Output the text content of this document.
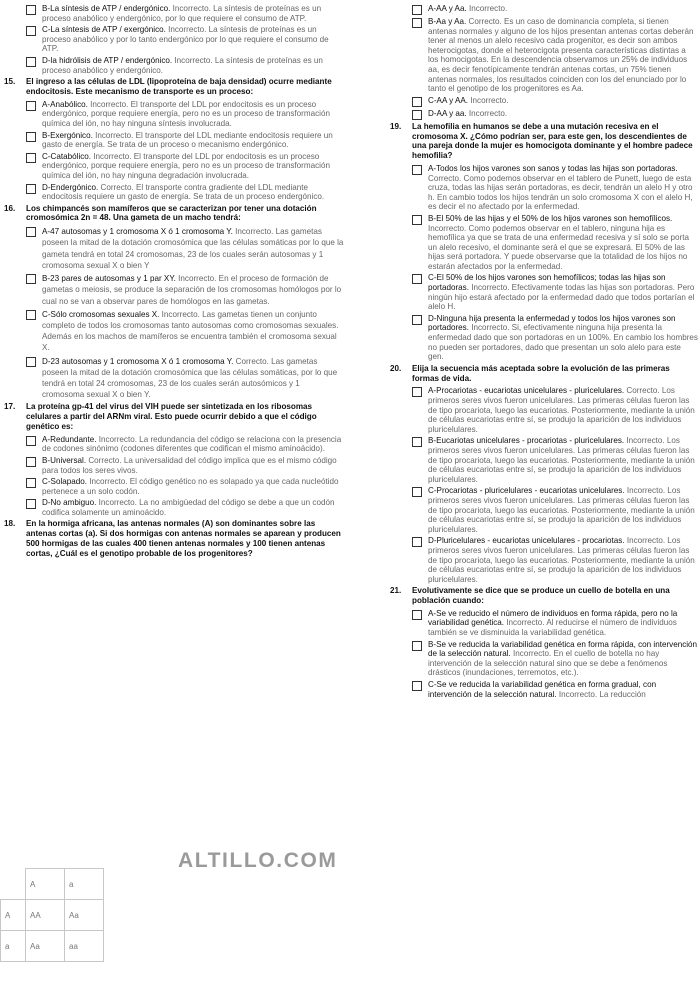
B-La síntesis de ATP / endergónico. Incorrecto. La síntesis de proteínas es un proceso anabólico y endergónico, por lo que requiere el consumo de ATP.
C-La síntesis de ATP / exergónico. Incorrecto. La síntesis de proteínas es un proceso anabólico y por lo tanto endergónico por lo que requiere el consumo de ATP.
D-la hidrólisis de ATP / endergónico. Incorrecto. La síntesis de proteínas es un proceso anabólico y endergónico.
15.	El ingreso a las células de LDL (lipoproteína de baja densidad) ocurre mediante endocitosis. Este mecanismo de transporte es un proceso:
A-Anabólico. Incorrecto. El transporte del LDL por endocitosis es un proceso endergónico, porque requiere energía, pero no es un proceso de transformación química del ión, no hay ninguna síntesis involucrada.
B-Exergónico. Incorrecto. El transporte del LDL mediante endocitosis requiere un gasto de energía. Se trata de un proceso o mecanismo endergónico.
C-Catabólico. Incorrecto. El transporte del LDL por endocitosis es un proceso endergónico, porque requiere energía, pero no es un proceso de transformación química del ión, no hay ninguna degradación involucrada.
D-Endergónico. Correcto. El transporte contra gradiente del LDL mediante endocitosis requiere un gasto de energía. Se trata de un proceso endergónico.
16.	Los chimpancés son mamíferos que se caracterizan por tener una dotación cromosómica 2n = 48. Una gameta de un macho tendrá:
A-47 autosomas y 1 cromosoma X ó 1 cromosoma Y. Incorrecto. Las gametas poseen la mitad de la dotación cromosómica que las células somáticas por lo que la gameta tendrá en total 24 cromosomas, 23 de los cuales serán autosomas y 1 cromosoma sexual X o bien Y
B-23 pares de autosomas y 1 par XY. Incorrecto. En el proceso de formación de gametas o meiosis, se produce la separación de los cromosomas homólogos por lo cual no se van a observar pares de homólogos en las gametas.
C-Sólo cromosomas sexuales X. Incorrecto. Las gametas tienen un conjunto completo de todos los cromosomas tanto autosomas como cromosomas sexuales. Además en los machos de mamíferos se encuentra también el cromosoma sexual X.
D-23 autosomas y 1 cromosoma X ó 1 cromosoma Y. Correcto. Las gametas poseen la mitad de la dotación cromosómica que las células somáticas, por lo que tendrá en total 24 cromosomas, 23 de los cuales serán autosómicos y 1 cromosoma sexual X o bien Y.
17.	La proteína gp-41 del virus del VIH puede ser sintetizada en los ribosomas celulares a partir del ARNm viral. Esto puede ocurrir debido a que el código genético es:
A-Redundante. Incorrecto. La redundancia del código se relaciona con la presencia de codones sinónimo (codones diferentes que codifican el mismo aminoácido).
B-Universal. Correcto. La universalidad del código implica que es el mismo código para todos los seres vivos.
C-Solapado. Incorrecto. El código genético no es solapado ya que cada nucleótido pertenece a un solo codón.
D-No ambiguo. Incorrecto. La no ambigüedad del código se debe a que un codón codifica solamente un aminoácido.
18.	En la hormiga africana, las antenas normales (A) son dominantes sobre las antenas cortas (a). Si dos hormigas con antenas normales se aparean y producen 500 hormigas de las cuales 400 tienen antenas normales y 100 tienen antenas cortas, ¿Cuál es el genotipo probable de los progenitores?
A-AA y Aa. Incorrecto.
B-Aa y Aa. Correcto. Es un caso de dominancia completa, si tienen antenas normales y alguno de los hijos presentan antenas cortas deberán tener al menos un alelo recesivo cada progenitor, es decir son ambos heterocigotas, donde el heterocigota presenta características distintas a los homocigotas. En la descendencia observamos un 25% de individuos aa, es decir fenotípicamente tendrán antenas cortas, un 75% tienen antenas normales, los resultados coinciden con los del enunciado por lo tanto el genotipo de los progenitores es Aa.
C-AA y AA. Incorrecto.
D-AA y aa. Incorrecto.
19.	La hemofilia en humanos se debe a una mutación recesiva en el cromosoma X. ¿Cómo podrían ser, para este gen, los descendientes de una pareja donde la mujer es homocigota dominante y el hombre padece hemofilia?
A-Todos los hijos varones son sanos y todas las hijas son portadoras. Correcto. Como podemos observar en el tablero de Punett, luego de esta cruza, todas las hijas serán portadoras, es decir, tendrán un alelo H y otro h. En cambio todos los hijos tendrán un solo cromosoma X con el alelo H, es decir el no afectado por la enfermedad.
B-El 50% de las hijas y el 50% de los hijos varones son hemofílicos. Incorrecto. Como podemos observar en el tablero, ninguna hija es hemofílica ya que se trata de una enfermedad recesiva y sí solo se porta un alelo recesivo, el dominante será el que se expresará. El 50% de las hijas será portadora. Y puede observarse que la totalidad de los hijos no estarán afectados por la enfermedad.
C-El 50% de los hijos varones son hemofílicos; todas las hijas son portadoras. Incorrecto. Efectivamente todas las hijas son portadoras. Pero ningún hijo estará afectado por la enfermedad dado que todos portarían el alelo H.
D-Ninguna hija presenta la enfermedad y todos los hijos varones son portadores. Incorrecto. Si, efectivamente ninguna hija presenta la enfermedad dado que son portadoras en un 100%. En cambio los hombres no pueden ser portadores, dado que presentan un solo alelo para este gen.
20.	Elija la secuencia más aceptada sobre la evolución de las primeras formas de vida.
A-Procariotas - eucariotas unicelulares - pluricelulares. Correcto. Los primeros seres vivos fueron unicelulares. Las primeras células fueron las de tipo procariota, luego las eucariotas. Posteriormente, mediante la unión de células eucariotas entre sí, se produjo la aparición de los individuos pluricelulares.
B-Eucariotas unicelulares - procariotas - pluricelulares. Incorrecto. Los primeros seres vivos fueron unicelulares. Las primeras células fueron las de tipo procariota, luego las eucariotas. Posteriormente, mediante la unión de células eucariotas entre sí, se produjo la aparición de los individuos pluricelulares.
C-Procariotas - pluricelulares - eucariotas unicelulares. Incorrecto. Los primeros seres vivos fueron unicelulares. Las primeras células fueron las de tipo procariota, luego las eucariotas. Posteriormente, mediante la unión de células eucariotas entre sí, se produjo la aparición de los individuos pluricelulares.
D-Pluricelulares - eucariotas unicelulares - procariotas. Incorrecto. Los primeros seres vivos fueron unicelulares. Las primeras células fueron las de tipo procariota, luego las eucariotas. Posteriormente, mediante la unión de células eucariotas entre sí, se produjo la aparición de los individuos pluricelulares.
21.	Evolutivamente se dice que se produce un cuello de botella en una población cuando:
A-Se ve reducido el número de individuos en forma rápida, pero no la variabilidad genética. Incorrecto. Al reducirse el número de individuos también se ve disminuida la variabilidad genética.
B-Se ve reducida la variabilidad genética en forma rápida, con intervención de la selección natural. Incorrecto. En el cuello de botella no hay intervención de la selección natural sino que se debe a fenómenos drásticos (inundaciones, terremotos, etc.).
C-Se ve reducida la variabilidad genética en forma gradual, con intervención de la selección natural. Incorrecto. La reducción
ALTILLO.COM
	A	a
A	AA	Aa
a	Aa	aa
